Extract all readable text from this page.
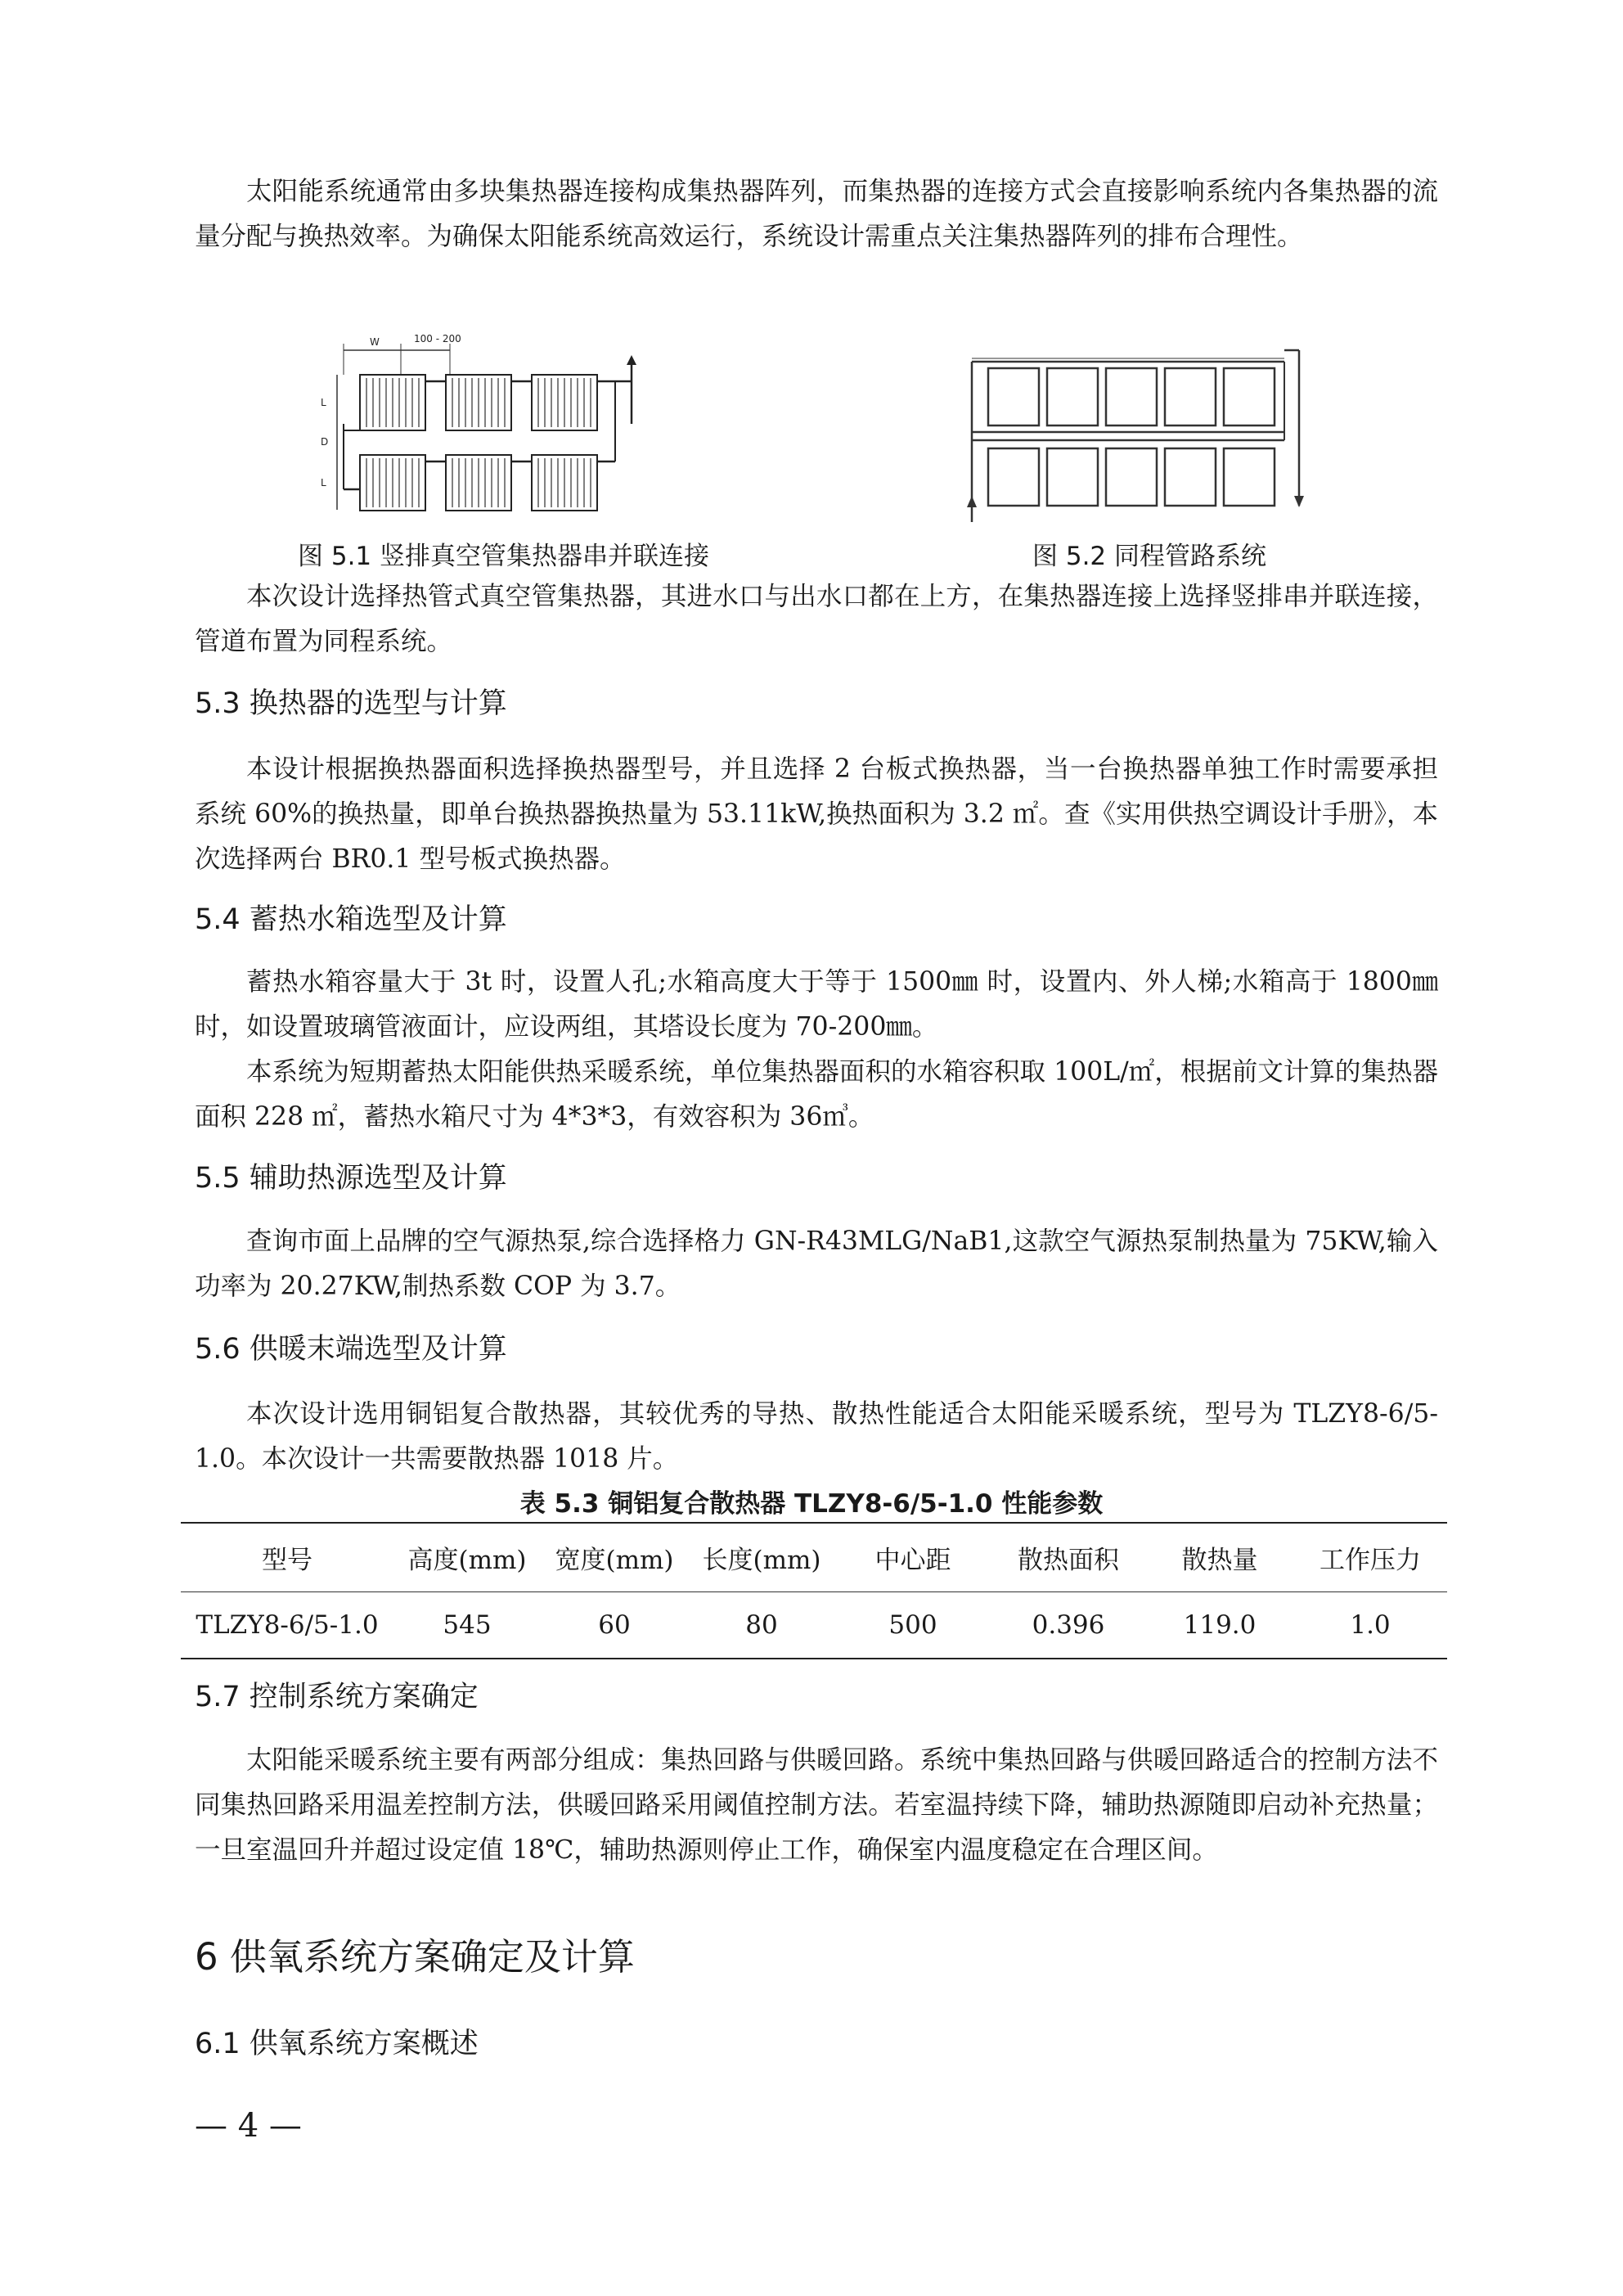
太阳能系统通常由多块集热器连接构成集热器阵列，而集热器的连接方式会直接影响系统内各集热器的流量分配与换热效率。为确保太阳能系统高效运行，系统设计需重点关注集热器阵列的排布合理性。
100 - 200
W
L
D
L
图 5.1 竖排真空管集热器串并联连接	图 5.2 同程管路系统
本次设计选择热管式真空管集热器，其进水口与出水口都在上方，在集热器连接上选择竖排串并联连接，管道布置为同程系统。
5.3 换热器的选型与计算
本设计根据换热器面积选择换热器型号，并且选择 2 台板式换热器，当一台换热器单独工作时需要承担系统 60%的换热量，即单台换热器换热量为 53.11kW,换热面积为 3.2 ㎡。查《实用供热空调设计手册》，本次选择两台 BR0.1 型号板式换热器。
5.4 蓄热水箱选型及计算
蓄热水箱容量大于 3t 时，设置人孔;水箱高度大于等于 1500㎜ 时，设置内、外人梯;水箱高于 1800㎜ 时，如设置玻璃管液面计，应设两组，其塔设长度为 70-200㎜。
本系统为短期蓄热太阳能供热采暖系统，单位集热器面积的水箱容积取 100L/㎡，根据前文计算的集热器面积 228 ㎡，蓄热水箱尺寸为 4*3*3，有效容积为 36㎥。
5.5 辅助热源选型及计算
查询市面上品牌的空气源热泵,综合选择格力 GN-R43MLG/NaB1,这款空气源热泵制热量为 75KW,输入功率为 20.27KW,制热系数 COP 为 3.7。
5.6 供暖末端选型及计算
本次设计选用铜铝复合散热器，其较优秀的导热、散热性能适合太阳能采暖系统，型号为 TLZY8-6/5-1.0。本次设计一共需要散热器 1018 片。
表 5.3 铜铝复合散热器 TLZY8-6/5-1.0 性能参数
型号	高度(mm)	宽度(mm)	长度(mm)	中心距	散热面积	散热量	工作压力
TLZY8-6/5-1.0	545	60	80	500	0.396	119.0	1.0
5.7 控制系统方案确定
太阳能采暖系统主要有两部分组成：集热回路与供暖回路。系统中集热回路与供暖回路适合的控制方法不同集热回路采用温差控制方法，供暖回路采用阈值控制方法。若室温持续下降，辅助热源随即启动补充热量；一旦室温回升并超过设定值 18℃，辅助热源则停止工作，确保室内温度稳定在合理区间。
6 供氧系统方案确定及计算
6.1 供氧系统方案概述
— 4 —
